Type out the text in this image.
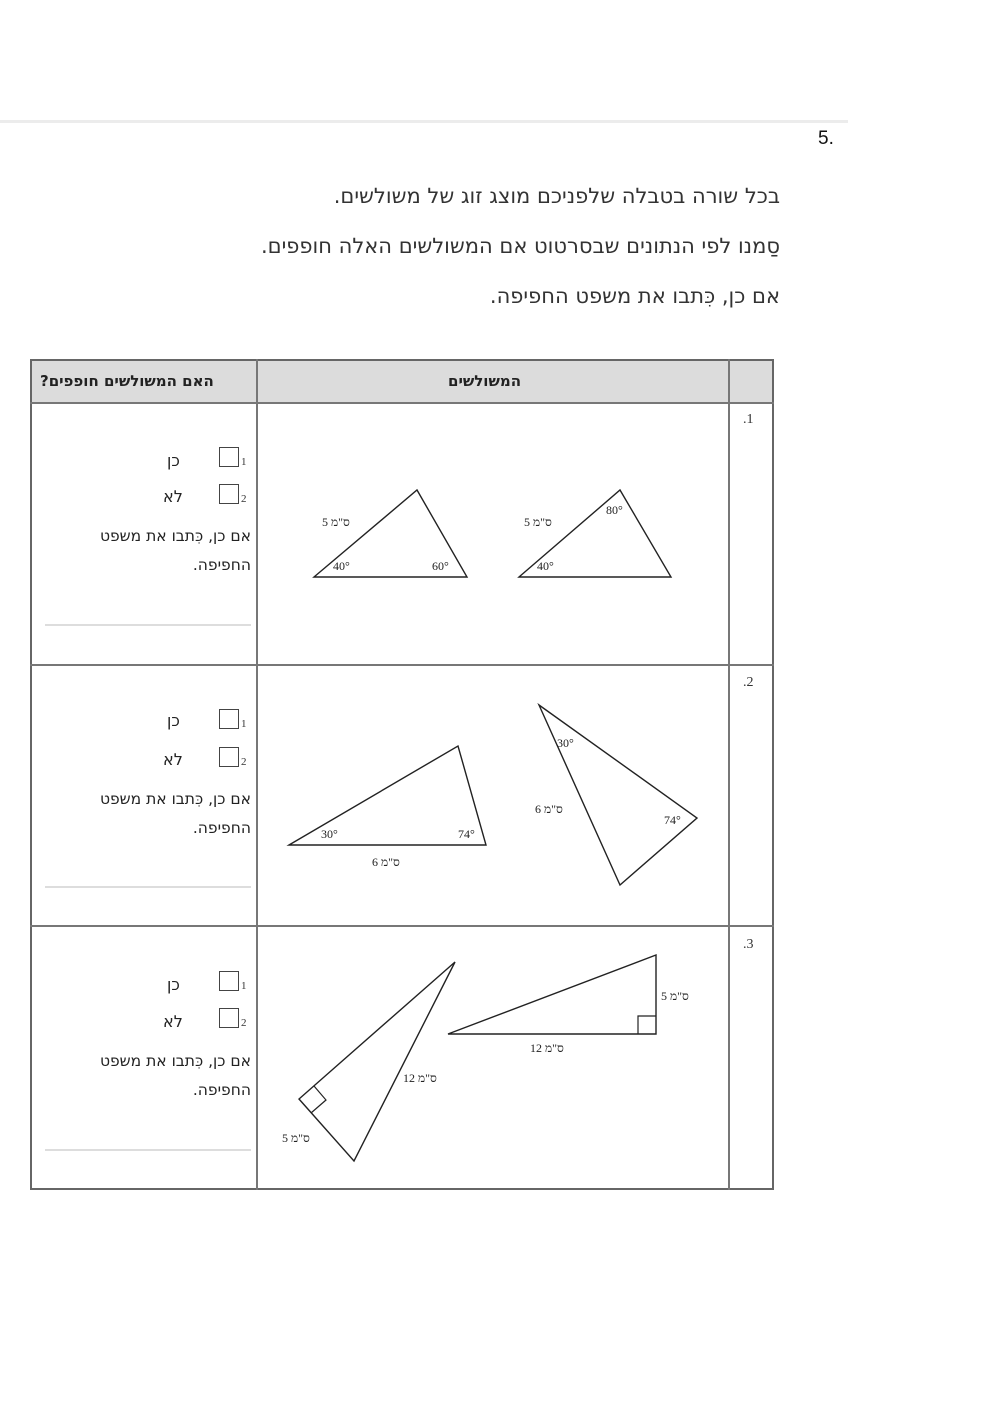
5.
בכל שורה בטבלה שלפניכם מוצג זוג של משולשים.
סַמנו לפי הנתונים שבסרטוט אם המשולשים האלה חופפים.
אם כן, כִּתבו את משפט החפיפה.
המשולשים
האם המשולשים חופפים?
.1
.2
.3
1
כן
2
לא
אם כן, כִּתבו את משפט החפיפה.
1
כן
2
לא
אם כן, כִּתבו את משפט החפיפה.
1
כן
2
לא
אם כן, כִּתבו את משפט החפיפה.
5 ס"מ
40°	60°
5 ס"מ
40°
80°
30°	74°
6 ס"מ
30°
74°
6 ס"מ
5 ס"מ
12 ס"מ
12 ס"מ
5 ס"מ
